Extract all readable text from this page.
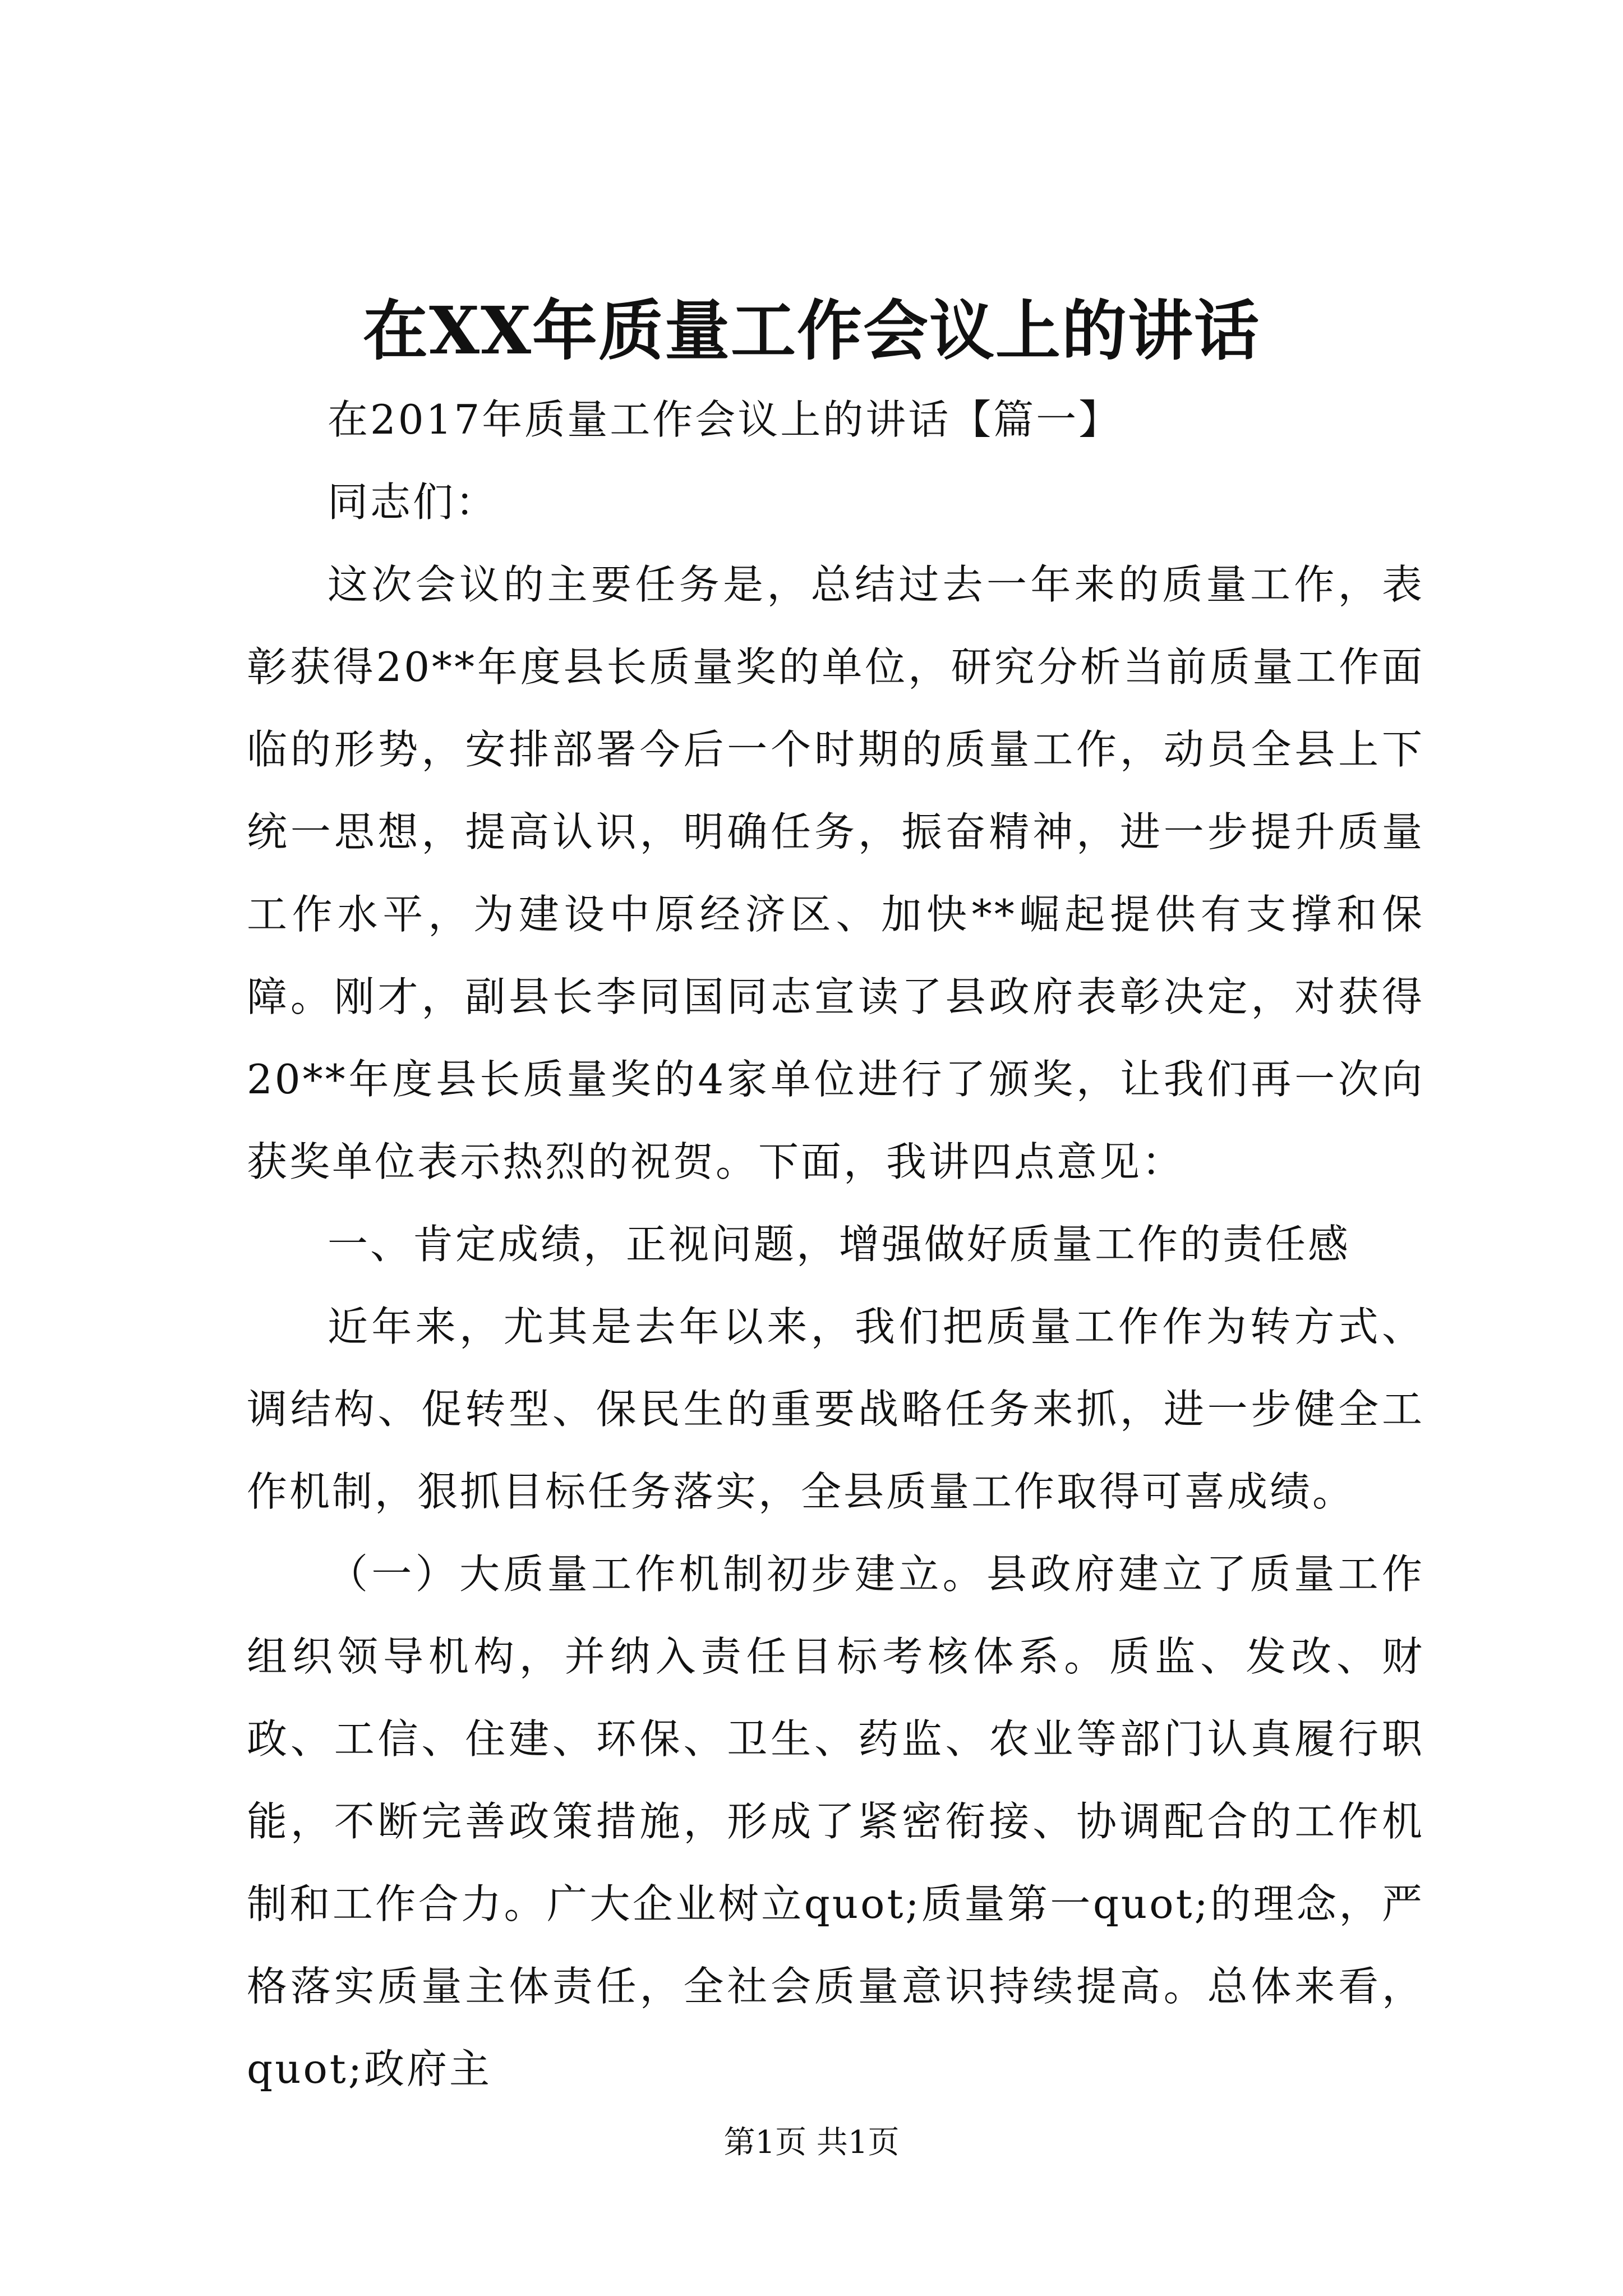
在XX年质量工作会议上的讲话

在2017年质量工作会议上的讲话【篇一】

同志们：

这次会议的主要任务是，总结过去一年来的质量工作，表彰获得20**年度县长质量奖的单位，研究分析当前质量工作面临的形势，安排部署今后一个时期的质量工作，动员全县上下统一思想，提高认识，明确任务，振奋精神，进一步提升质量工作水平，为建设中原经济区、加快**崛起提供有支撑和保障。刚才，副县长李同国同志宣读了县政府表彰决定，对获得20**年度县长质量奖的4家单位进行了颁奖，让我们再一次向获奖单位表示热烈的祝贺。下面，我讲四点意见：

一、肯定成绩，正视问题，增强做好质量工作的责任感

近年来，尤其是去年以来，我们把质量工作作为转方式、调结构、促转型、保民生的重要战略任务来抓，进一步健全工作机制，狠抓目标任务落实，全县质量工作取得可喜成绩。

（一）大质量工作机制初步建立。县政府建立了质量工作组织领导机构，并纳入责任目标考核体系。质监、发改、财政、工信、住建、环保、卫生、药监、农业等部门认真履行职能，不断完善政策措施，形成了紧密衔接、协调配合的工作机制和工作合力。广大企业树立quot;质量第一quot;的理念，严格落实质量主体责任，全社会质量意识持续提高。总体来看，quot;政府主

第1页 共1页
